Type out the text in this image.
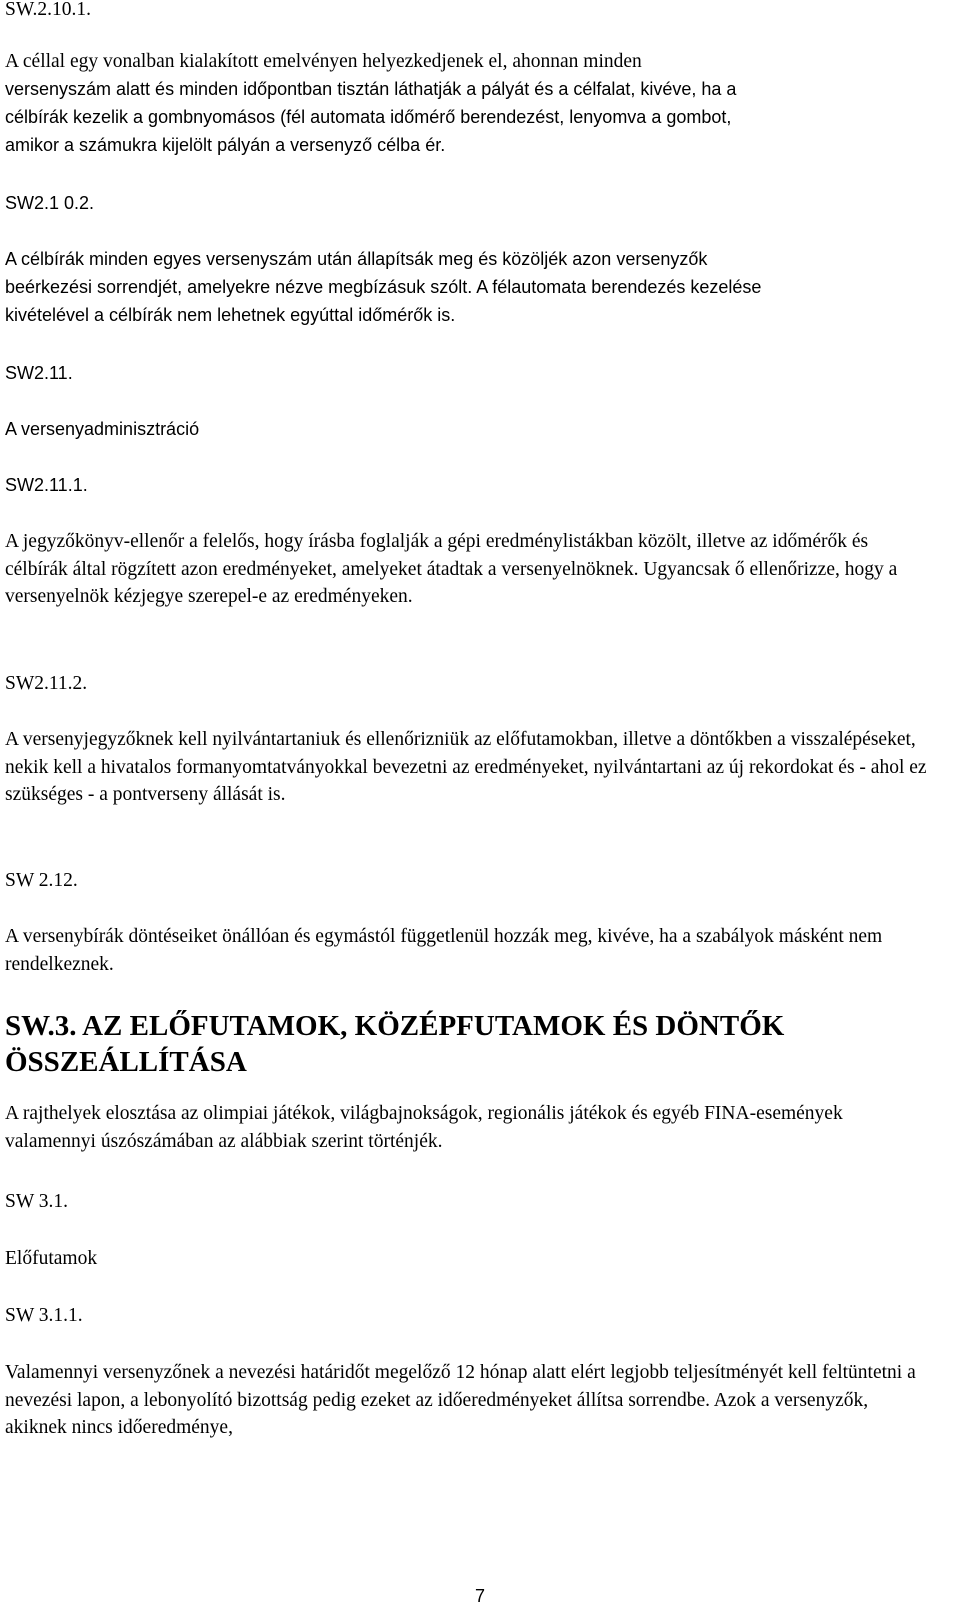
SW.2.10.1.

A céllal egy vonalban kialakított emelvényen helyezkedjenek el, ahonnan minden

versenyszám alatt és minden időpontban tisztán láthatják a pályát és a célfalat, kivéve, ha a

célbírák kezelik a gombnyomásos (fél automata időmérő berendezést, lenyomva a gombot,

amikor a számukra kijelölt pályán a versenyző célba ér.

SW2.1 0.2.

A célbírák minden egyes versenyszám után állapítsák meg és közöljék azon versenyzők

beérkezési sorrendjét, amelyekre nézve megbízásuk szólt. A félautomata berendezés kezelése

kivételével a célbírák nem lehetnek egyúttal időmérők is.

SW2.11.

A versenyadminisztráció

SW2.11.1.

A jegyzőkönyv-ellenőr a felelős, hogy írásba foglalják a gépi eredménylistákban közölt, illetve az időmérők és célbírák által rögzített azon eredményeket, amelyeket átadtak a versenyelnöknek. Ugyancsak ő ellenőrizze, hogy a versenyelnök kézjegye szerepel-e az eredményeken.

SW2.11.2.

A versenyjegyzőknek kell nyilvántartaniuk és ellenőrizniük az előfutamokban, illetve a döntőkben a visszalépéseket, nekik kell a hivatalos formanyomtatványokkal bevezetni az eredményeket, nyilvántartani az új rekordokat és - ahol ez szükséges - a pontverseny állását is.

SW 2.12.

A versenybírák döntéseiket önállóan és egymástól függetlenül hozzák meg, kivéve, ha a szabályok másként nem rendelkeznek.

SW.3. AZ ELŐFUTAMOK, KÖZÉPFUTAMOK ÉS DÖNTŐK ÖSSZEÁLLÍTÁSA

A rajthelyek elosztása az olimpiai játékok, világbajnokságok, regionális játékok és egyéb FINA-események valamennyi úszószámában az alábbiak szerint történjék.

SW 3.1.

Előfutamok

SW 3.1.1.

Valamennyi versenyzőnek a nevezési határidőt megelőző 12 hónap alatt elért legjobb teljesítményét kell feltüntetni a nevezési lapon, a lebonyolító bizottság pedig ezeket az időeredményeket állítsa sorrendbe. Azok a versenyzők, akiknek nincs időeredménye,

7
